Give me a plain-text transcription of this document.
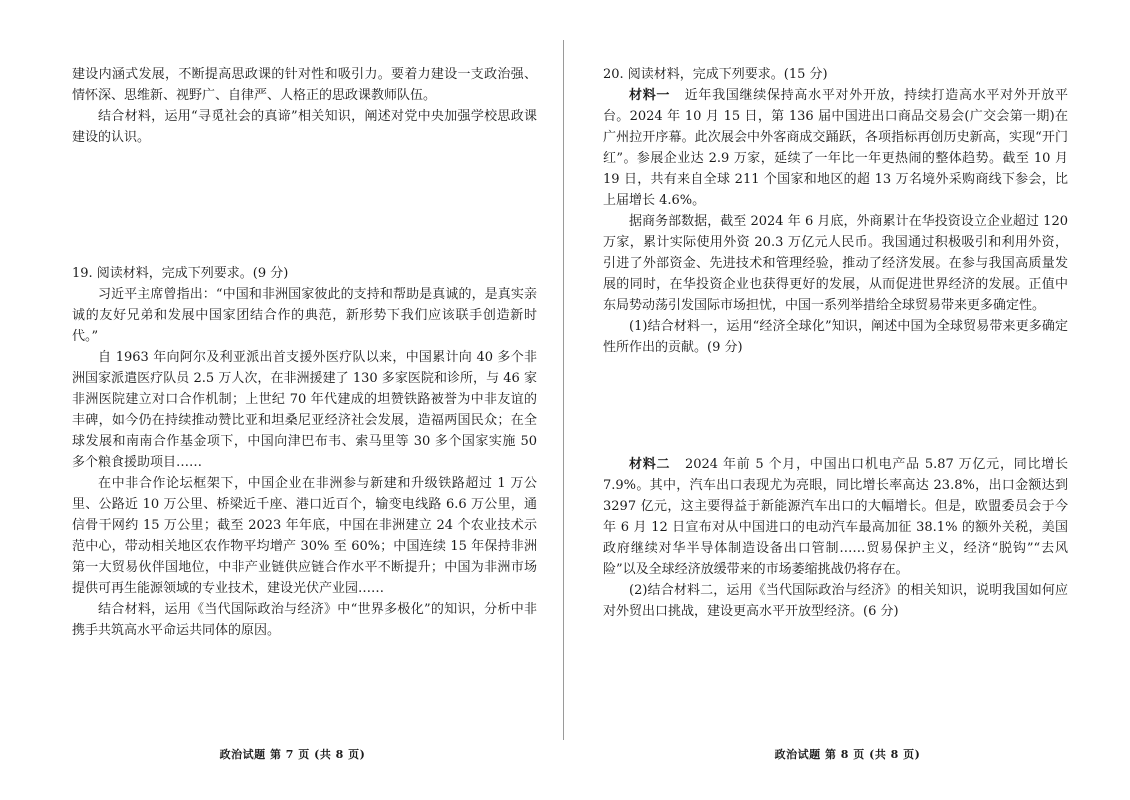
建设内涵式发展，不断提高思政课的针对性和吸引力。要着力建设一支政治强、情怀深、思维新、视野广、自律严、人格正的思政课教师队伍。

结合材料，运用“寻觅社会的真谛”相关知识，阐述对党中央加强学校思政课建设的认识。

19. 阅读材料，完成下列要求。(9 分)

习近平主席曾指出：“中国和非洲国家彼此的支持和帮助是真诚的，是真实亲诚的友好兄弟和发展中国家团结合作的典范，新形势下我们应该联手创造新时代。”

自 1963 年向阿尔及利亚派出首支援外医疗队以来，中国累计向 40 多个非洲国家派遣医疗队员 2.5 万人次，在非洲援建了 130 多家医院和诊所，与 46 家非洲医院建立对口合作机制；上世纪 70 年代建成的坦赞铁路被誉为中非友谊的丰碑，如今仍在持续推动赞比亚和坦桑尼亚经济社会发展，造福两国民众；在全球发展和南南合作基金项下，中国向津巴布韦、索马里等 30 多个国家实施 50 多个粮食援助项目……

在中非合作论坛框架下，中国企业在非洲参与新建和升级铁路超过 1 万公里、公路近 10 万公里、桥梁近千座、港口近百个，输变电线路 6.6 万公里，通信骨干网约 15 万公里；截至 2023 年年底，中国在非洲建立 24 个农业技术示范中心，带动相关地区农作物平均增产 30% 至 60%；中国连续 15 年保持非洲第一大贸易伙伴国地位，中非产业链供应链合作水平不断提升；中国为非洲市场提供可再生能源领域的专业技术，建设光伏产业园……

结合材料，运用《当代国际政治与经济》中“世界多极化”的知识，分析中非携手共筑高水平命运共同体的原因。

政治试题 第 7 页 (共 8 页)

20. 阅读材料，完成下列要求。(15 分)

材料一 近年我国继续保持高水平对外开放，持续打造高水平对外开放平台。2024 年 10 月 15 日，第 136 届中国进出口商品交易会(广交会第一期)在广州拉开序幕。此次展会中外客商成交踊跃，各项指标再创历史新高，实现“开门红”。参展企业达 2.9 万家，延续了一年比一年更热闹的整体趋势。截至 10 月 19 日，共有来自全球 211 个国家和地区的超 13 万名境外采购商线下参会，比上届增长 4.6%。

据商务部数据，截至 2024 年 6 月底，外商累计在华投资设立企业超过 120 万家，累计实际使用外资 20.3 万亿元人民币。我国通过积极吸引和利用外资，引进了外部资金、先进技术和管理经验，推动了经济发展。在参与我国高质量发展的同时，在华投资企业也获得更好的发展，从而促进世界经济的发展。正值中东局势动荡引发国际市场担忧，中国一系列举措给全球贸易带来更多确定性。

(1)结合材料一，运用“经济全球化”知识，阐述中国为全球贸易带来更多确定性所作出的贡献。(9 分)

材料二 2024 年前 5 个月，中国出口机电产品 5.87 万亿元，同比增长 7.9%。其中，汽车出口表现尤为亮眼，同比增长率高达 23.8%，出口金额达到 3297 亿元，这主要得益于新能源汽车出口的大幅增长。但是，欧盟委员会于今年 6 月 12 日宣布对从中国进口的电动汽车最高加征 38.1% 的额外关税，美国政府继续对华半导体制造设备出口管制……贸易保护主义，经济“脱钩”“去风险”以及全球经济放缓带来的市场萎缩挑战仍将存在。

(2)结合材料二，运用《当代国际政治与经济》的相关知识，说明我国如何应对外贸出口挑战，建设更高水平开放型经济。(6 分)

政治试题 第 8 页 (共 8 页)
